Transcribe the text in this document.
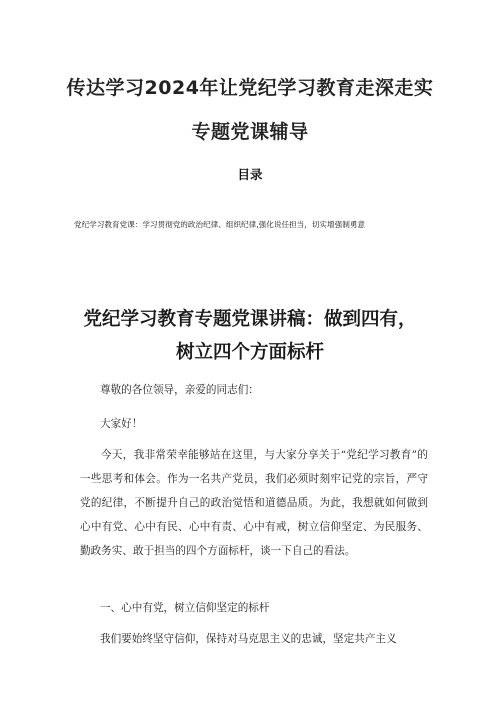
传达学习2024年让党纪学习教育走深走实
专题党课辅导
目录
党纪学习教育党课：学习贯彻党的政治纪律、组织纪律,强化说任担当，切实增强制勇意
党纪学习教育专题党课讲稿：做到四有，
树立四个方面标杆

尊敬的各位领导，亲爱的同志们：

大家好！

今天，我非常荣幸能够站在这里，与大家分享关于“党纪学习教育”的一些思考和体会。作为一名共产党员，我们必须时刻牢记党的宗旨，严守党的纪律，不断提升自己的政治觉悟和道德品质。为此，我想就如何做到心中有党、心中有民、心中有责、心中有戒，树立信仰坚定、为民服务、勤政务实、敢于担当的四个方面标杆，谈一下自己的看法。

一、心中有党，树立信仰坚定的标杆

我们要始终坚守信仰，保持对马克思主义的忠诚，坚定共产主义
